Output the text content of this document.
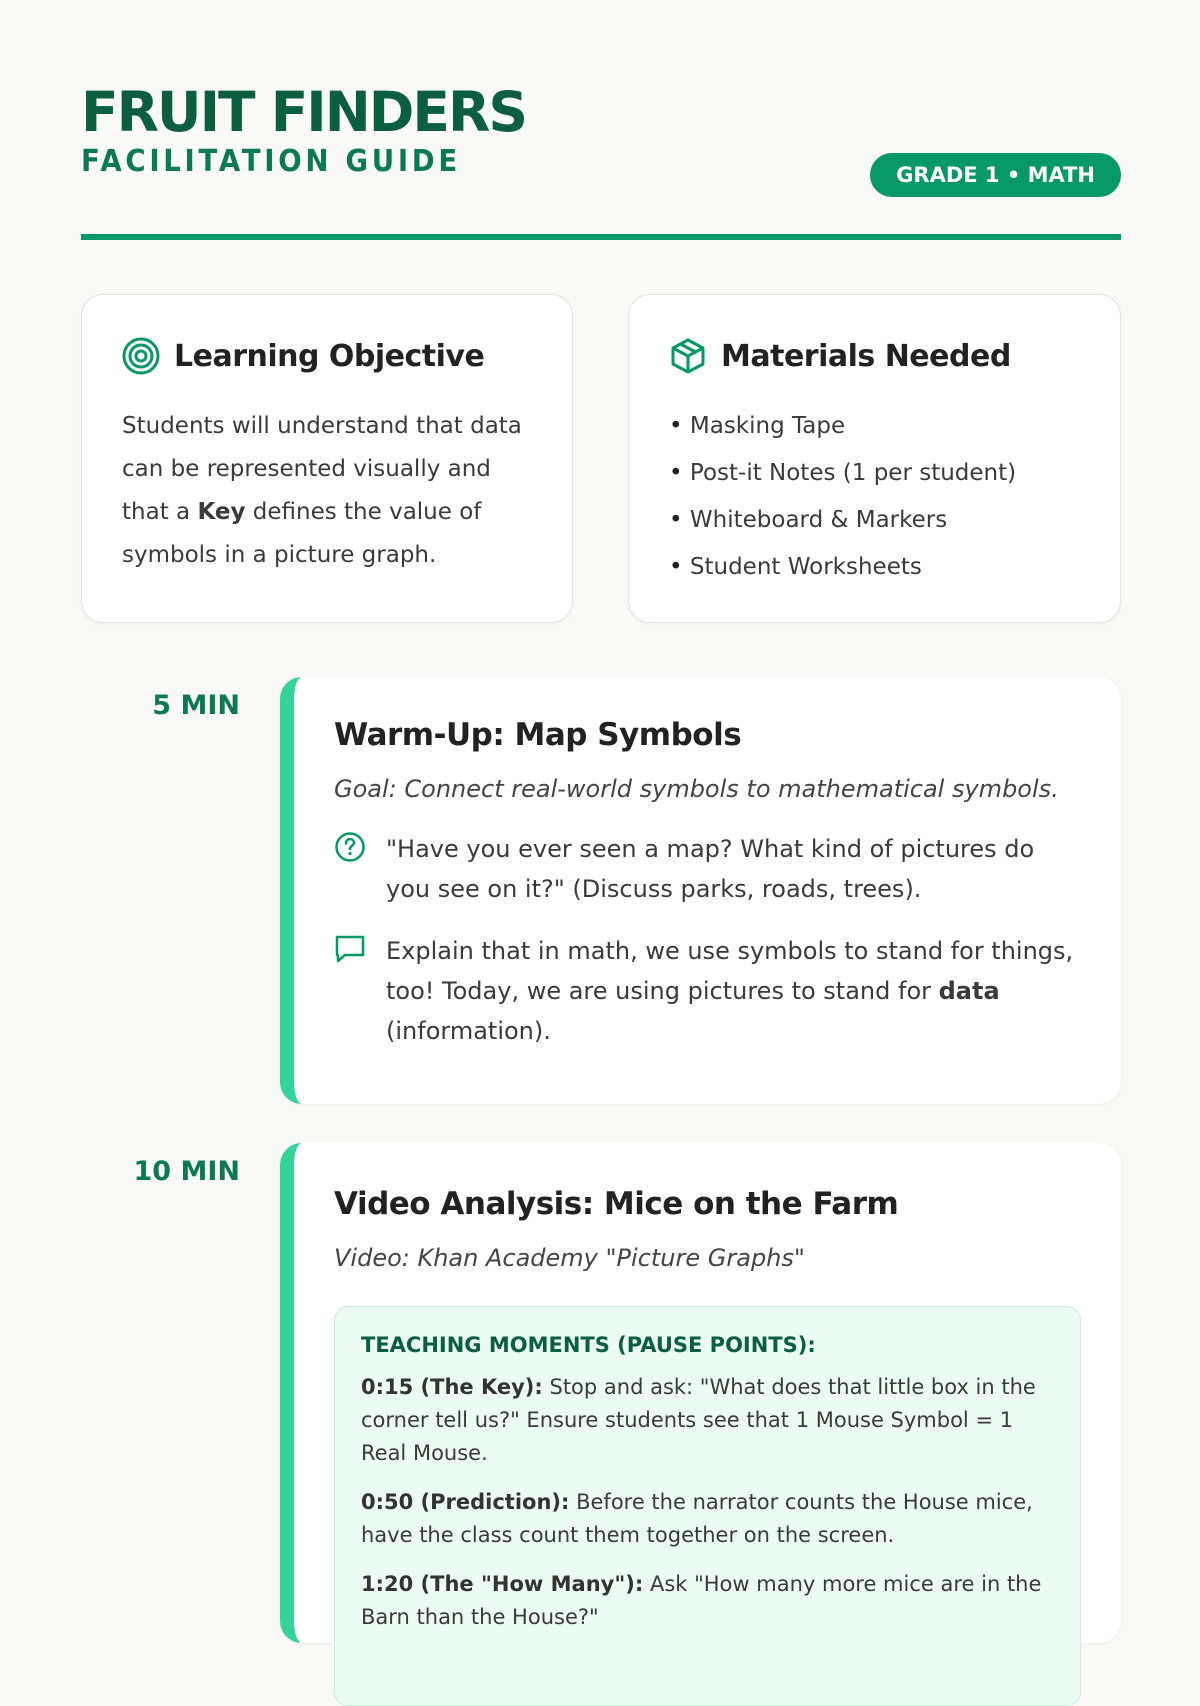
FRUIT FINDERS
FACILITATION GUIDE	GRADE 1 • MATH
Learning Objective

Students will understand that data can be represented visually and that a Key defines the value of symbols in a picture graph.

Materials Needed
• Masking Tape
• Post-it Notes (1 per student)
• Whiteboard & Markers
• Student Worksheets
5 MIN
Warm-Up: Map Symbols
Goal: Connect real-world symbols to mathematical symbols.
"Have you ever seen a map? What kind of pictures do you see on it?" (Discuss parks, roads, trees).
Explain that in math, we use symbols to stand for things, too! Today, we are using pictures to stand for data (information).
10 MIN
Video Analysis: Mice on the Farm
Video: Khan Academy "Picture Graphs"
TEACHING MOMENTS (PAUSE POINTS):

0:15 (The Key): Stop and ask: "What does that little box in the corner tell us?" Ensure students see that 1 Mouse Symbol = 1 Real Mouse.

0:50 (Prediction): Before the narrator counts the House mice, have the class count them together on the screen.

1:20 (The "How Many"): Ask "How many more mice are in the Barn than the House?"
